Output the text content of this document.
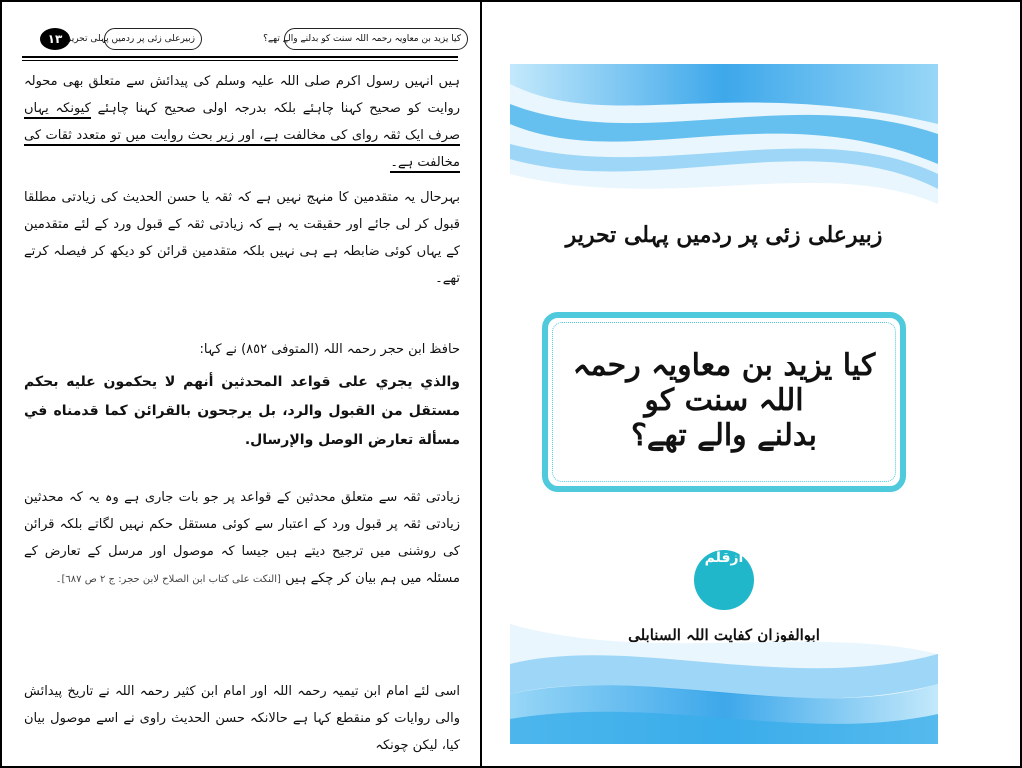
١٣ زبیرعلی زئی پر ردمیں پہلی تحریر	کیا یزید بن معاویہ رحمہ اللہ سنت کو بدلنے والے تھے؟
ہیں انہیں رسول اکرم صلی اللہ علیہ وسلم کی پیدائش سے متعلق بھی محولہ روایت کو صحیح کہنا چاہئے بلکہ بدرجہ اولی صحیح کہنا چاہئے کیونکہ یہاں صرف ایک ثقہ روای کی مخالفت ہے، اور زیر بحث روایت میں تو متعدد ثقات کی مخالفت ہے۔
بہرحال یہ متقدمین کا منہج نہیں ہے کہ ثقہ یا حسن الحدیث کی زیادتی مطلقا قبول کر لی جائے اور حقیقت یہ ہے کہ زیادتی ثقہ کے قبول ورد کے لئے متقدمین کے یہاں کوئی ضابطہ ہے ہی نہیں بلکہ متقدمین قرائن کو دیکھ کر فیصلہ کرتے تھے۔
حافظ ابن حجر رحمہ اللہ (المتوفی ٨٥٢) نے کہا:
والذي يجري على قواعد المحدثين أنهم لا يحكمون عليه بحكم مستقل من القبول والرد، بل يرجحون بالقرائن كما قدمناه في مسألة تعارض الوصل والإرسال.
زیادتی ثقہ سے متعلق محدثین کے قواعد پر جو بات جاری ہے وہ یہ کہ محدثین زیادتی ثقہ پر قبول ورد کے اعتبار سے کوئی مستقل حکم نہیں لگاتے بلکہ قرائن کی روشنی میں ترجیح دیتے ہیں جیسا کہ موصول اور مرسل کے تعارض کے مسئلہ میں ہم بیان کر چکے ہیں [النكت على كتاب ابن الصلاح لابن حجر: ج ٢ ص ٦٨٧]۔
اسی لئے امام ابن تیمیہ رحمہ اللہ اور امام ابن کثیر رحمہ اللہ نے تاریخ پیدائش والی روایات کو منقطع کہا ہے حالانکہ حسن الحدیث راوی نے اسے موصول بیان کیا، لیکن چونکہ
زبیرعلی زئی پر ردمیں پہلی تحریر
کیا یزید بن معاویہ رحمہ اللہ سنت کو
بدلنے والے تھے؟
ازقلم
ابوالفوزان کفایت اللہ السنابلی
